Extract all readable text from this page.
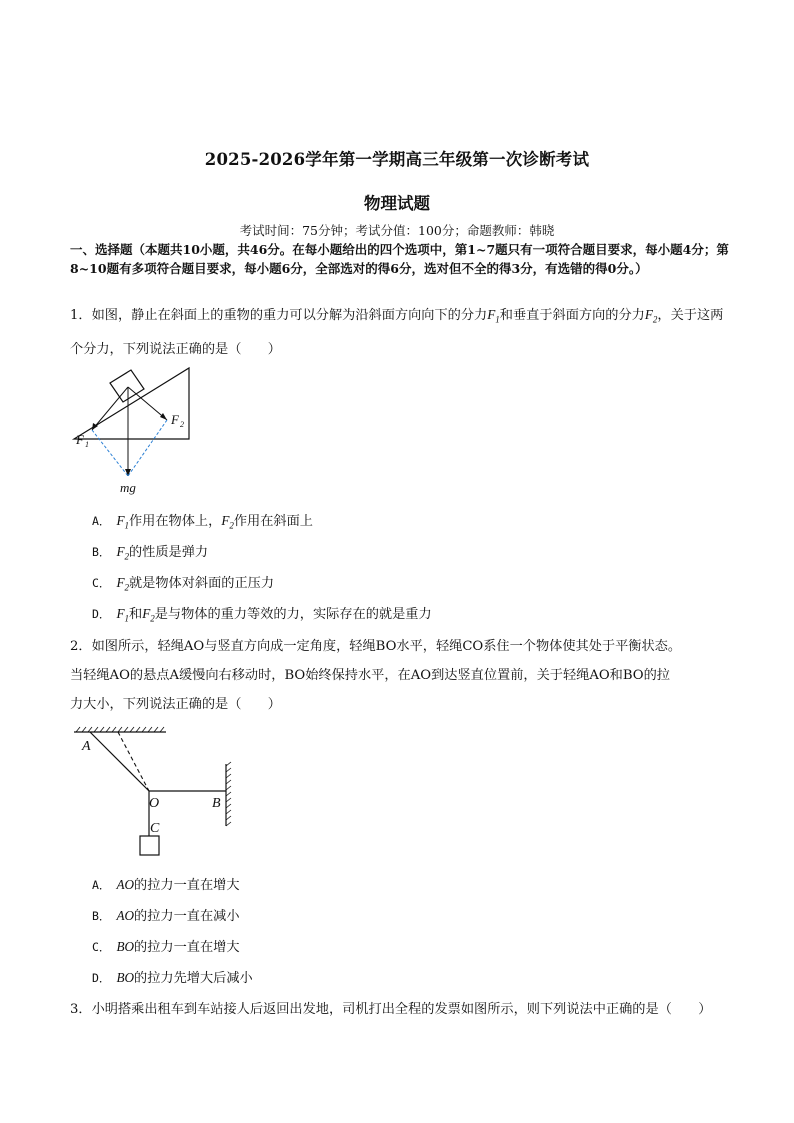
2025-2026学年第一学期高三年级第一次诊断考试
物理试题
考试时间：75分钟；考试分值：100分；命题教师：韩晓
一、选择题（本题共10小题，共46分。在每小题给出的四个选项中，第1~7题只有一项符合题目要求，每小题4分；第8~10题有多项符合题目要求，每小题6分，全部选对的得6分，选对但不全的得3分，有选错的得0分。）
1．如图，静止在斜面上的重物的重力可以分解为沿斜面方向向下的分力$F_1$和垂直于斜面方向的分力$F_2$，关于这两个分力，下列说法正确的是（　　）
F 1
F 2
mg
A． $F_1$作用在物体上，$F_2$作用在斜面上
B． $F_2$的性质是弹力
C． $F_2$就是物体对斜面的正压力
D． $F_1$和$F_2$是与物体的重力等效的力，实际存在的就是重力
2．如图所示，轻绳AO与竖直方向成一定角度，轻绳BO水平，轻绳CO系住一个物体使其处于平衡状态。
当轻绳AO的悬点A缓慢向右移动时，BO始终保持水平，在AO到达竖直位置前，关于轻绳AO和BO的拉
力大小，下列说法正确的是（　　）
A
O	B
C
A． AO的拉力一直在增大
B． AO的拉力一直在减小
C． BO的拉力一直在增大
D． BO的拉力先增大后减小
3．小明搭乘出租车到车站接人后返回出发地，司机打出全程的发票如图所示，则下列说法中正确的是（　　）
